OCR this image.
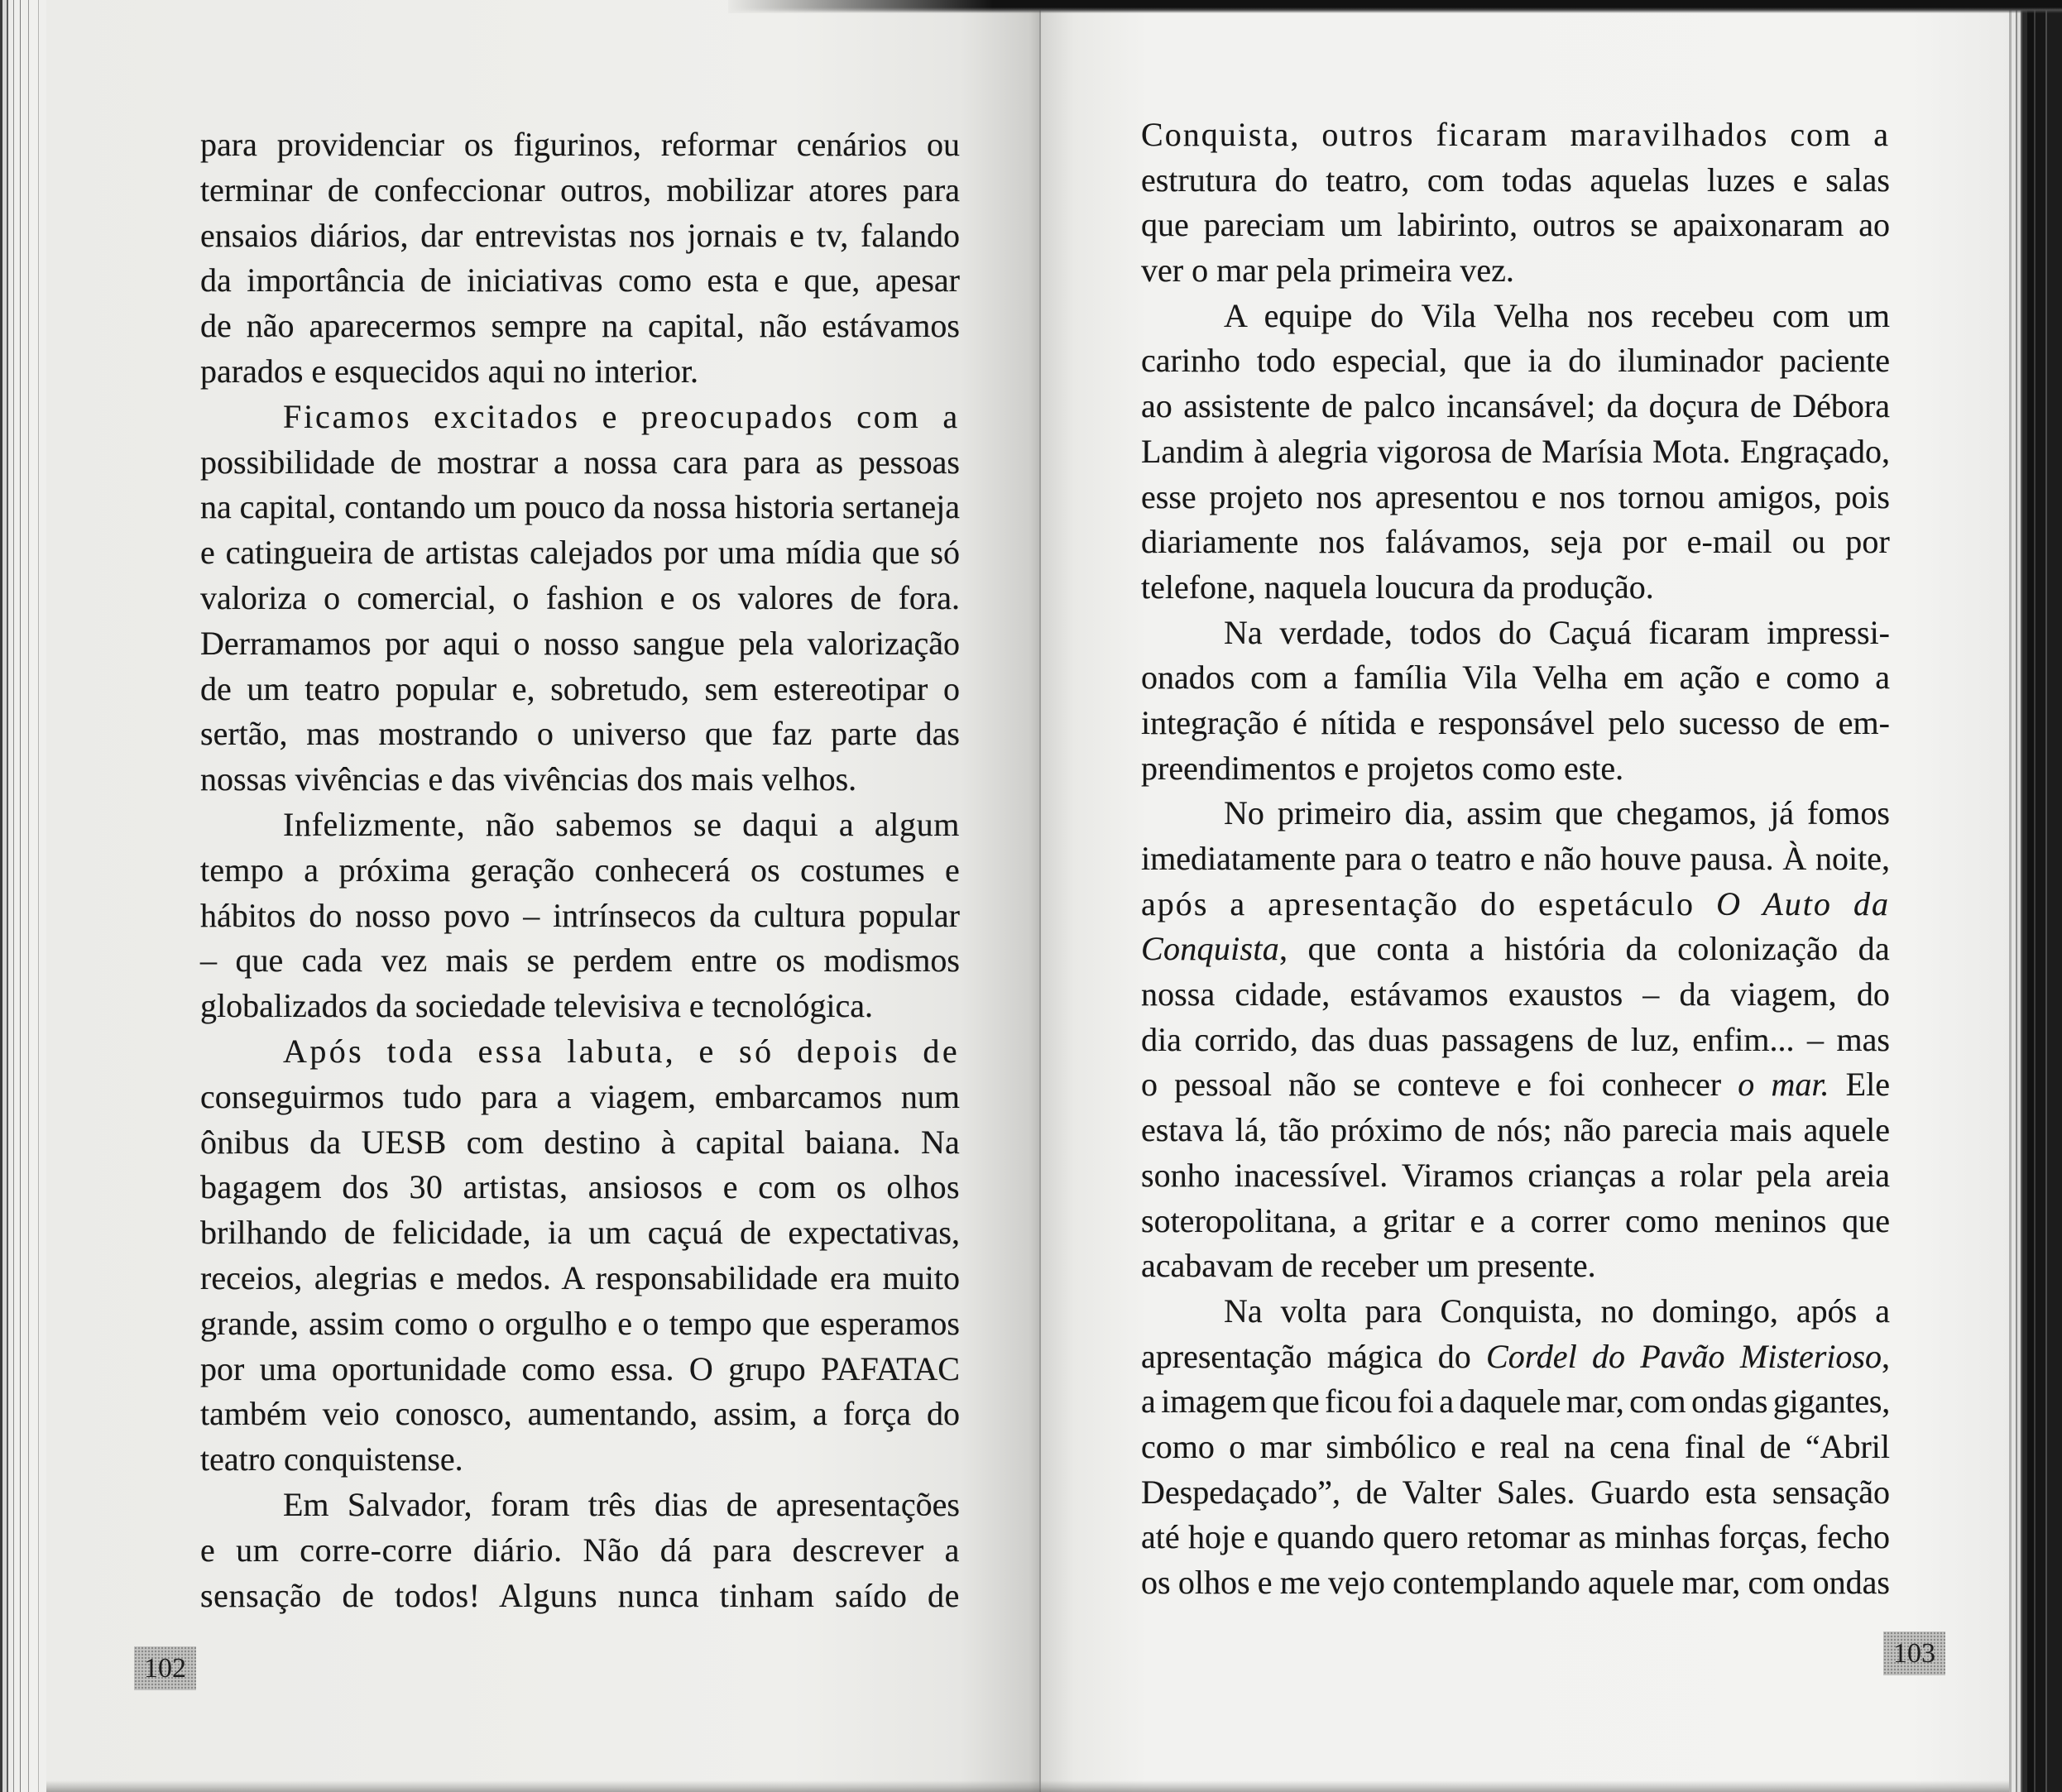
para providenciar os figurinos, reformar cenários ou
terminar de confeccionar outros, mobilizar atores para
ensaios diários, dar entrevistas nos jornais e tv, falando
da importância de iniciativas como esta e que, apesar
de não aparecermos sempre na capital, não estávamos
parados e esquecidos aqui no interior.
Ficamos excitados e preocupados com a
possibilidade de mostrar a nossa cara para as pessoas
na capital, contando um pouco da nossa historia sertaneja
e catingueira de artistas calejados por uma mídia que só
valoriza o comercial, o fashion e os valores de fora.
Derramamos por aqui o nosso sangue pela valorização
de um teatro popular e, sobretudo, sem estereotipar o
sertão, mas mostrando o universo que faz parte das
nossas vivências e das vivências dos mais velhos.
Infelizmente, não sabemos se daqui a algum
tempo a próxima geração conhecerá os costumes e
hábitos do nosso povo – intrínsecos da cultura popular
– que cada vez mais se perdem entre os modismos
globalizados da sociedade televisiva e tecnológica.
Após toda essa labuta, e só depois de
conseguirmos tudo para a viagem, embarcamos num
ônibus da UESB com destino à capital baiana. Na
bagagem dos 30 artistas, ansiosos e com os olhos
brilhando de felicidade, ia um caçuá de expectativas,
receios, alegrias e medos. A responsabilidade era muito
grande, assim como o orgulho e o tempo que esperamos
por uma oportunidade como essa. O grupo PAFATAC
também veio conosco, aumentando, assim, a força do
teatro conquistense.
Em Salvador, foram três dias de apresentações
e um corre-corre diário. Não dá para descrever a
sensação de todos! Alguns nunca tinham saído de
Conquista, outros ficaram maravilhados com a
estrutura do teatro, com todas aquelas luzes e salas
que pareciam um labirinto, outros se apaixonaram ao
ver o mar pela primeira vez.
A equipe do Vila Velha nos recebeu com um
carinho todo especial, que ia do iluminador paciente
ao assistente de palco incansável; da doçura de Débora
Landim à alegria vigorosa de Marísia Mota. Engraçado,
esse projeto nos apresentou e nos tornou amigos, pois
diariamente nos falávamos, seja por e-mail ou por
telefone, naquela loucura da produção.
Na verdade, todos do Caçuá ficaram impressi-
onados com a família Vila Velha em ação e como a
integração é nítida e responsável pelo sucesso de em-
preendimentos e projetos como este.
No primeiro dia, assim que chegamos, já fomos
imediatamente para o teatro e não houve pausa. À noite,
após a apresentação do espetáculo O Auto da
Conquista, que conta a história da colonização da
nossa cidade, estávamos exaustos – da viagem, do
dia corrido, das duas passagens de luz, enfim... – mas
o pessoal não se conteve e foi conhecer o mar. Ele
estava lá, tão próximo de nós; não parecia mais aquele
sonho inacessível. Viramos crianças a rolar pela areia
soteropolitana, a gritar e a correr como meninos que
acabavam de receber um presente.
Na volta para Conquista, no domingo, após a
apresentação mágica do Cordel do Pavão Misterioso,
a imagem que ficou foi a daquele mar, com ondas gigantes,
como o mar simbólico e real na cena final de “Abril
Despedaçado”, de Valter Sales. Guardo esta sensação
até hoje e quando quero retomar as minhas forças, fecho
os olhos e me vejo contemplando aquele mar, com ondas
102	103
